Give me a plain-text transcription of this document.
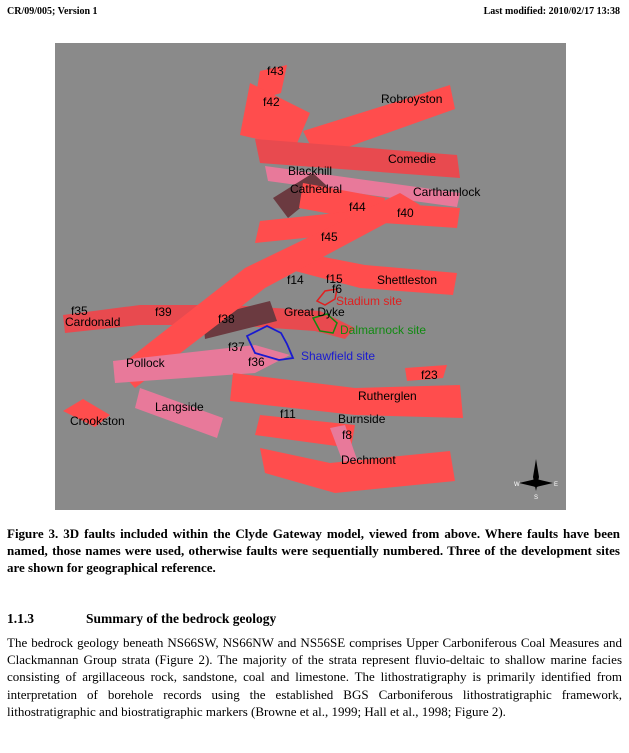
CR/09/005; Version 1	Last modified: 2010/02/17 13:38
f43
f42	Robroyston
Comedie
Blackhill
Cathedral	Carthamlock
f44	f40
f45
f14 f15
f6
Shettleston
f35
Cardonald
f39	f38	Great Dyke
f37
Pollock	f36
f23
Rutherglen
Langside	f11	Burnside
f8
Crookston
Dechmont
Stadium site
Dalmarnock site
Shawfield site
W	E
S
Figure 3. 3D faults included within the Clyde Gateway model, viewed from above. Where faults have been named, those names were used, otherwise faults were sequentially numbered. Three of the development sites are shown for geographical reference.
1.1.3	Summary of the bedrock geology
The bedrock geology beneath NS66SW, NS66NW and NS56SE comprises Upper Carboniferous Coal Measures and Clackmannan Group strata (Figure 2). The majority of the strata represent fluvio-deltaic to shallow marine facies consisting of argillaceous rock, sandstone, coal and limestone. The lithostratigraphy is primarily identified from interpretation of borehole records using the established BGS Carboniferous lithostratigraphic framework, lithostratigraphic and biostratigraphic markers (Browne et al., 1999; Hall et al., 1998; Figure 2).
